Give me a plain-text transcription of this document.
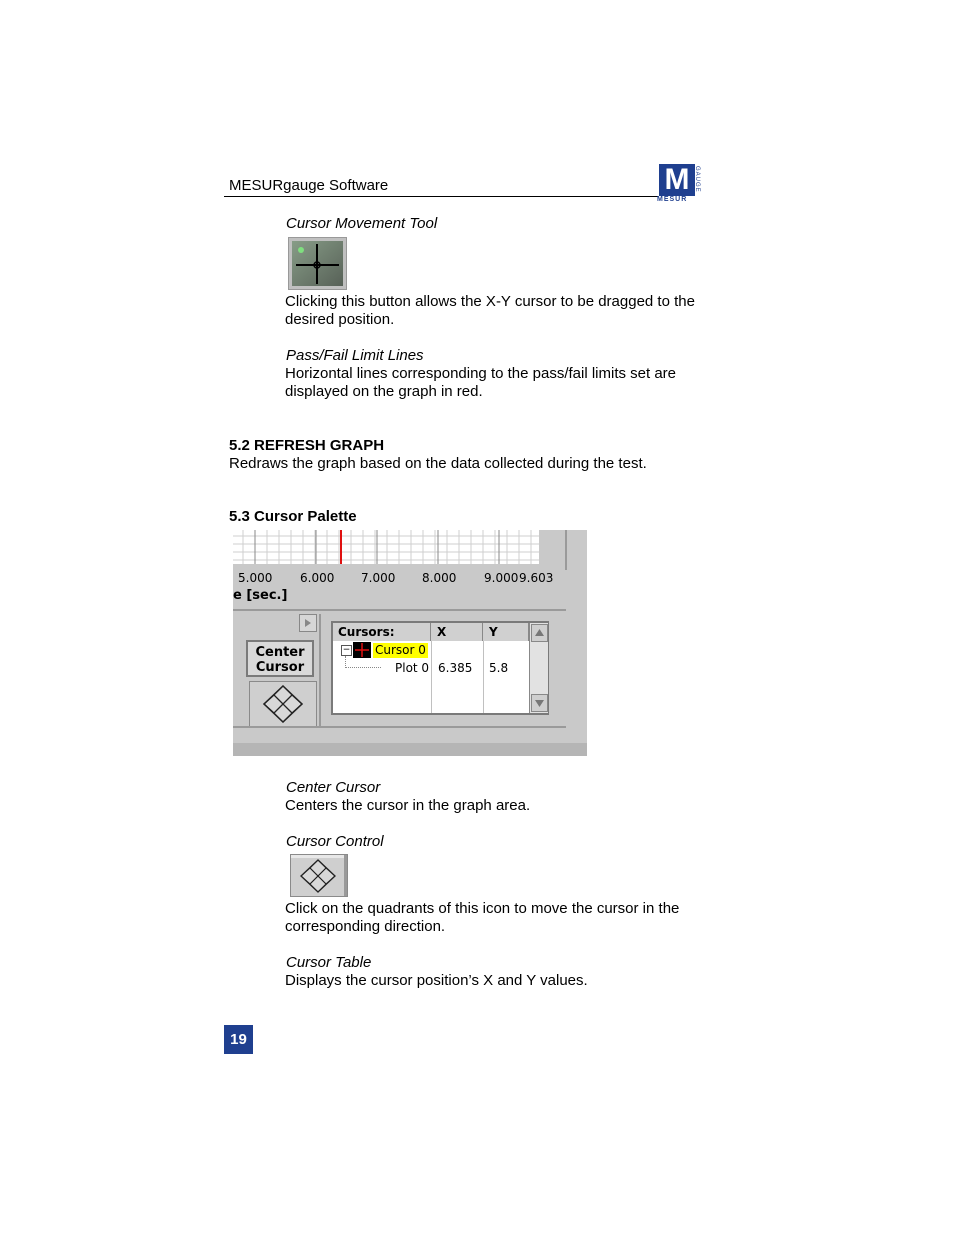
MESURgauge Software	M
MESUR
GAUGE
Cursor Movement Tool
Clicking this button allows the X-Y cursor to be dragged to the desired position.
Pass/Fail Limit Lines
Horizontal lines corresponding to the pass/fail limits set are displayed on the graph in red.
5.2 REFRESH GRAPH
Redraws the graph based on the data collected during the test.
5.3 Cursor Palette
5.000 6.000 7.000 8.000 9.000 9.603
e [sec.]
Center
Cursor
Cursors:	X	Y
− Cursor 0
Plot 0 6.385 5.8
Center Cursor
Centers the cursor in the graph area.
Cursor Control
Click on the quadrants of this icon to move the cursor in the corresponding direction.
Cursor Table
Displays the cursor position’s X and Y values.
19
